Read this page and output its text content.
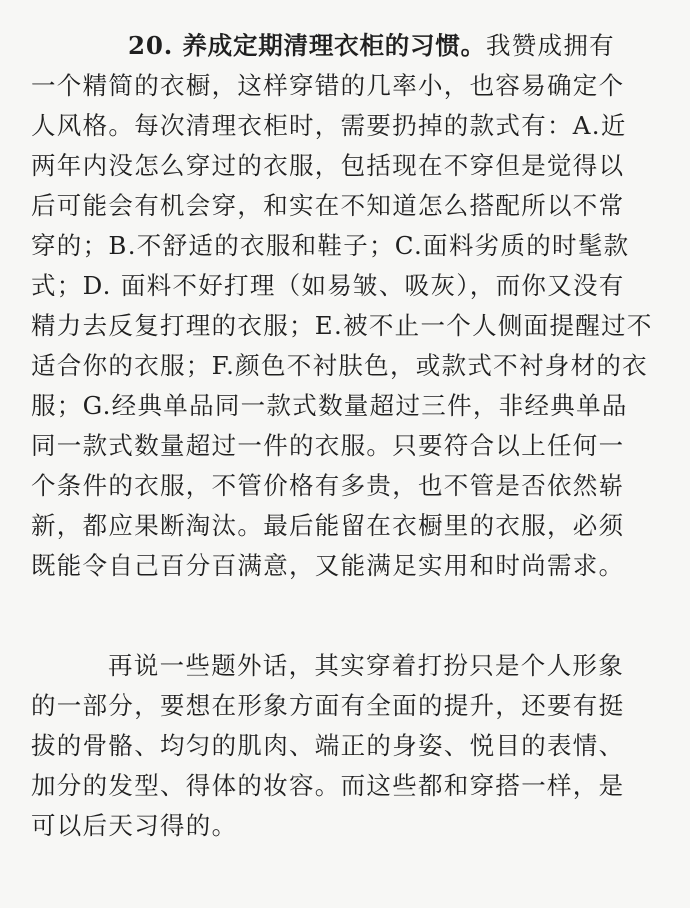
20. 养成定期清理衣柜的习惯。我赞成拥有
一个精简的衣橱，这样穿错的几率小，也容易确定个
人风格。每次清理衣柜时，需要扔掉的款式有：A.近
两年内没怎么穿过的衣服，包括现在不穿但是觉得以
后可能会有机会穿，和实在不知道怎么搭配所以不常
穿的；B.不舒适的衣服和鞋子；C.面料劣质的时髦款
式；D. 面料不好打理（如易皱、吸灰），而你又没有
精力去反复打理的衣服；E.被不止一个人侧面提醒过不
适合你的衣服；F.颜色不衬肤色，或款式不衬身材的衣
服；G.经典单品同一款式数量超过三件，非经典单品
同一款式数量超过一件的衣服。只要符合以上任何一
个条件的衣服，不管价格有多贵，也不管是否依然崭
新，都应果断淘汰。最后能留在衣橱里的衣服，必须
既能令自己百分百满意，又能满足实用和时尚需求。
再说一些题外话，其实穿着打扮只是个人形象
的一部分，要想在形象方面有全面的提升，还要有挺
拔的骨骼、均匀的肌肉、端正的身姿、悦目的表情、
加分的发型、得体的妆容。而这些都和穿搭一样，是
可以后天习得的。
